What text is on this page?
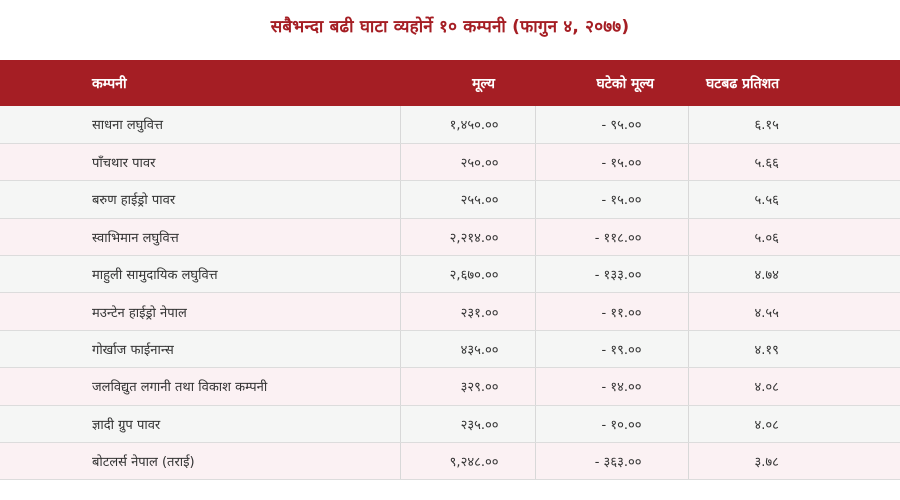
सबैभन्दा बढी घाटा व्यहोर्ने १० कम्पनी (फागुन ४, २०७७)
कम्पनी	मूल्य	घटेको मूल्य	घटबढ प्रतिशत
साधना लघुवित्त	१,४५०.००	- ९५.००	६.१५
पाँचथार पावर	२५०.००	- १५.००	५.६६
बरुण हाईड्रो पावर	२५५.००	- १५.००	५.५६
स्वाभिमान लघुवित्त	२,२१४.००	- ११८.००	५.०६
माहुली सामुदायिक लघुवित्त	२,६७०.००	- १३३.००	४.७४
मउन्टेन हाईड्रो नेपाल	२३१.००	- ११.००	४.५५
गोर्खाज फाईनान्स	४३५.००	- १९.००	४.१९
जलविद्युत लगानी तथा विकाश कम्पनी	३२९.००	- १४.००	४.०८
ज्ञादी ग्रुप पावर	२३५.००	- १०.००	४.०८
बोटलर्स नेपाल (तराई)	९,२४८.००	- ३६३.००	३.७८
